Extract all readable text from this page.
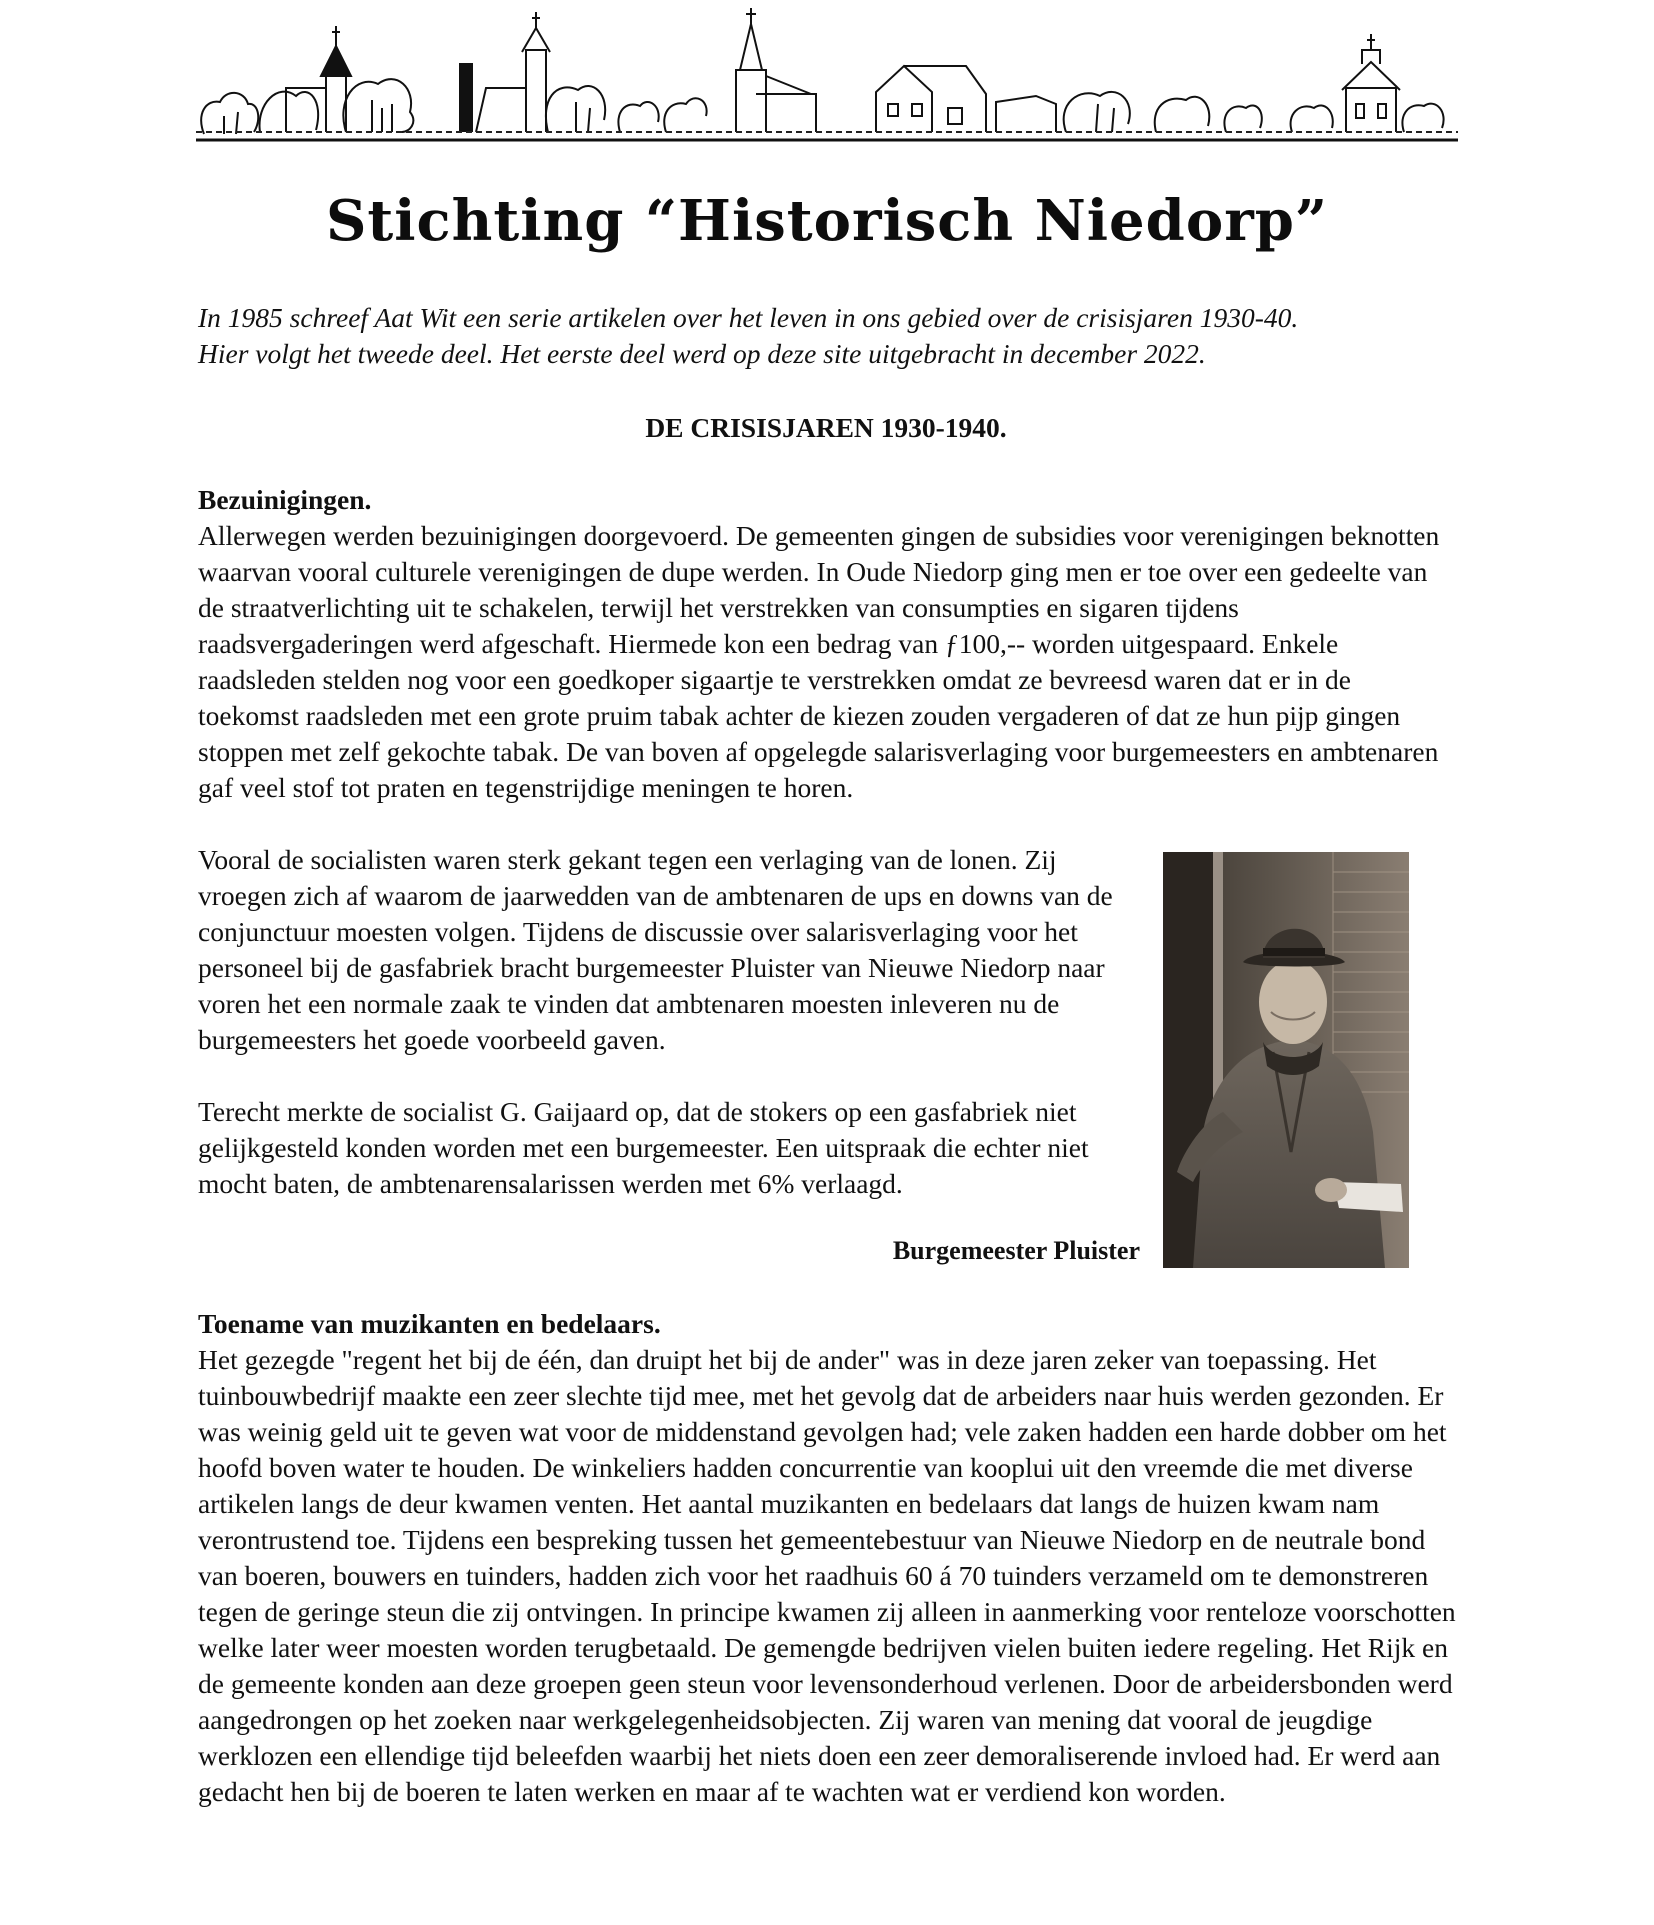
Stichting “Historisch Niedorp”

In 1985 schreef Aat Wit een serie artikelen over het leven in ons gebied over de crisisjaren 1930-40.

Hier volgt het tweede deel. Het eerste deel werd op deze site uitgebracht in december 2022.

DE CRISISJAREN 1930-1940.
Bezuinigingen.

Allerwegen werden bezuinigingen doorgevoerd. De gemeenten gingen de subsidies voor verenigingen beknotten waarvan vooral culturele verenigingen de dupe werden. In Oude Niedorp ging men er toe over een gedeelte van de straatverlichting uit te schakelen, terwijl het verstrekken van consumpties en sigaren tijdens raadsvergaderingen werd afgeschaft. Hiermede kon een bedrag van ƒ100,-- worden uitgespaard. Enkele raadsleden stelden nog voor een goedkoper sigaartje te verstrekken omdat ze bevreesd waren dat er in de toekomst raadsleden met een grote pruim tabak achter de kiezen zouden vergaderen of dat ze hun pijp gingen stoppen met zelf gekochte tabak. De van boven af opgelegde salarisverlaging voor burgemeesters en ambtenaren gaf veel stof tot praten en tegenstrijdige meningen te horen.

Vooral de socialisten waren sterk gekant tegen een verlaging van de lonen. Zij vroegen zich af waarom de jaarwedden van de ambtenaren de ups en downs van de conjunctuur moesten volgen. Tijdens de discussie over salarisverlaging voor het personeel bij de gasfabriek bracht burgemeester Pluister van Nieuwe Niedorp naar voren het een normale zaak te vinden dat ambtenaren moesten inleveren nu de burgemeesters het goede voorbeeld gaven.

Terecht merkte de socialist G. Gaijaard op, dat de stokers op een gasfabriek niet gelijkgesteld konden worden met een burgemeester. Een uitspraak die echter niet mocht baten, de ambtenarensalarissen werden met 6% verlaagd.

Burgemeester Pluister

Toename van muzikanten en bedelaars.

Het gezegde "regent het bij de één, dan druipt het bij de ander" was in deze jaren zeker van toepassing. Het tuinbouwbedrijf maakte een zeer slechte tijd mee, met het gevolg dat de arbeiders naar huis werden gezonden. Er was weinig geld uit te geven wat voor de middenstand gevolgen had; vele zaken hadden een harde dobber om het hoofd boven water te houden. De winkeliers hadden concurrentie van kooplui uit den vreemde die met diverse artikelen langs de deur kwamen venten. Het aantal muzikanten en bedelaars dat langs de huizen kwam nam verontrustend toe. Tijdens een bespreking tussen het gemeentebestuur van Nieuwe Niedorp en de neutrale bond van boeren, bouwers en tuinders, hadden zich voor het raadhuis 60 á 70 tuinders verzameld om te demonstreren tegen de geringe steun die zij ontvingen. In principe kwamen zij alleen in aanmerking voor renteloze voorschotten welke later weer moesten worden terugbetaald. De gemengde bedrijven vielen buiten iedere regeling. Het Rijk en de gemeente konden aan deze groepen geen steun voor levensonderhoud verlenen. Door de arbeidersbonden werd aangedrongen op het zoeken naar werkgelegenheidsobjecten. Zij waren van mening dat vooral de jeugdige werklozen een ellendige tijd beleefden waarbij het niets doen een zeer demoraliserende invloed had. Er werd aan gedacht hen bij de boeren te laten werken en maar af te wachten wat er verdiend kon worden.
